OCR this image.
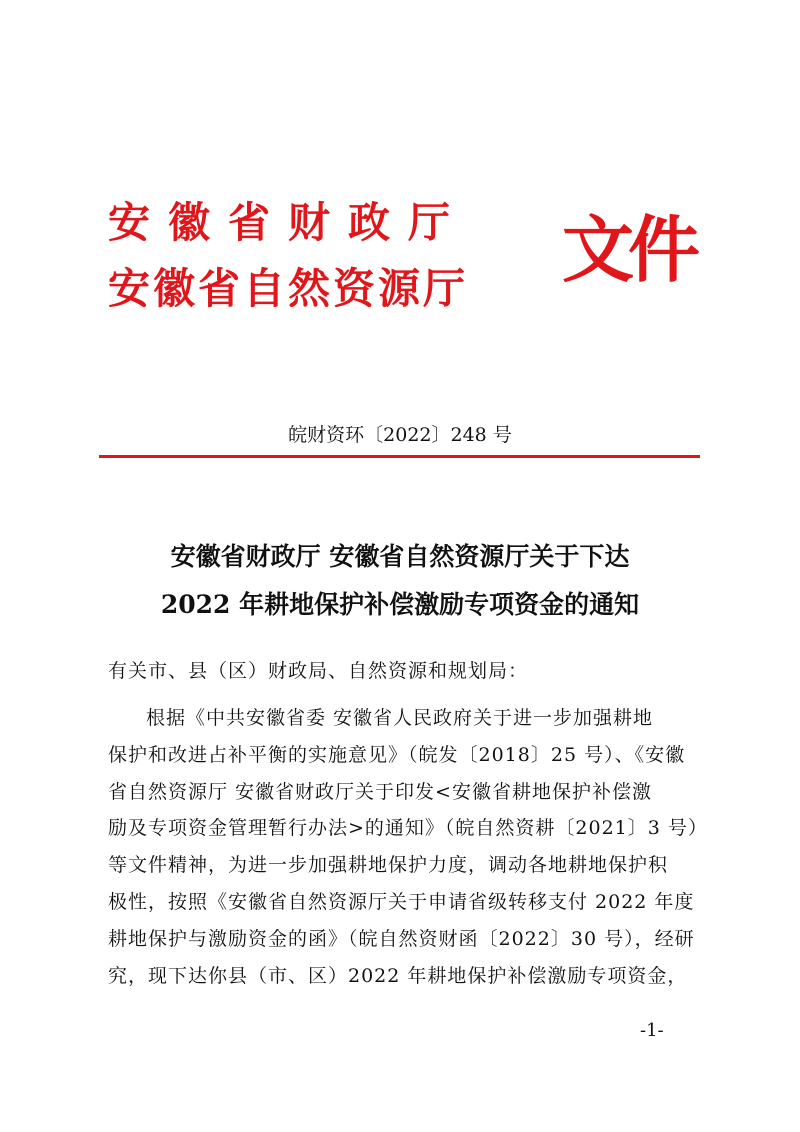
安徽省财政厅
安徽省自然资源厅 文件
皖财资环〔2022〕248 号
安徽省财政厅 安徽省自然资源厅关于下达
2022 年耕地保护补偿激励专项资金的通知
有关市、县（区）财政局、自然资源和规划局：
根据《中共安徽省委 安徽省人民政府关于进一步加强耕地
保护和改进占补平衡的实施意见》（皖发〔2018〕25 号）、《安徽
省自然资源厅 安徽省财政厅关于印发<安徽省耕地保护补偿激
励及专项资金管理暂行办法>的通知》（皖自然资耕〔2021〕3 号）
等文件精神，为进一步加强耕地保护力度，调动各地耕地保护积
极性，按照《安徽省自然资源厅关于申请省级转移支付 2022 年度
耕地保护与激励资金的函》（皖自然资财函〔2022〕30 号），经研
究，现下达你县（市、区）2022 年耕地保护补偿激励专项资金，
-1-
